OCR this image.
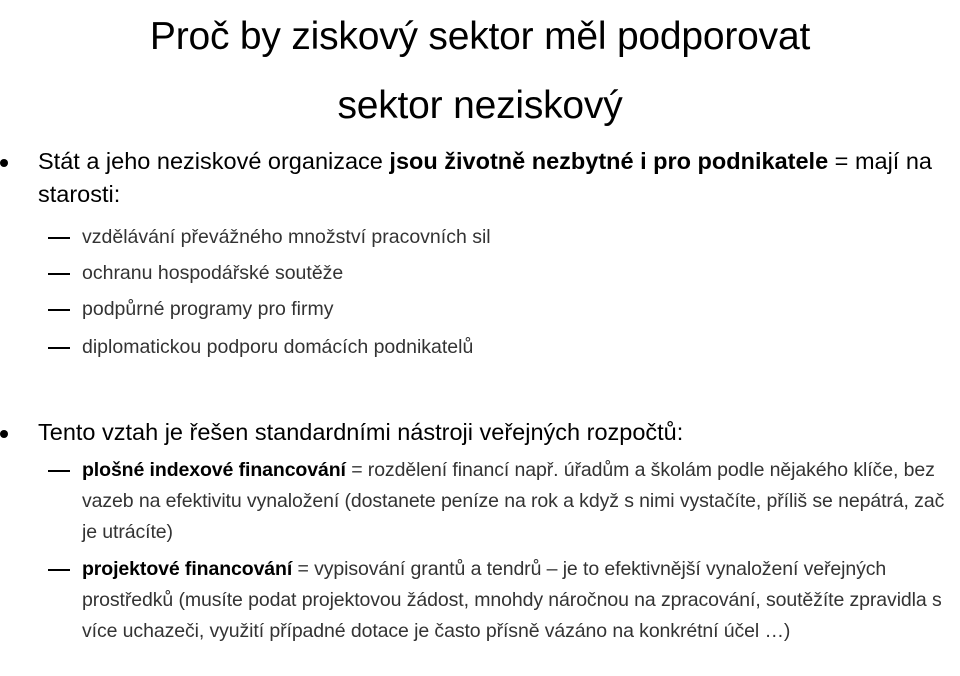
Proč by ziskový sektor měl podporovat
sektor neziskový
Stát a jeho neziskové organizace jsou životně nezbytné i pro podnikatele = mají na starosti:
vzdělávání převážného množství pracovních sil
ochranu hospodářské soutěže
podpůrné programy pro firmy
diplomatickou podporu domácích podnikatelů
Tento vztah je řešen standardními nástroji veřejných rozpočtů:
plošné indexové financování = rozdělení financí např. úřadům a školám podle nějakého klíče, bez vazeb na efektivitu vynaložení (dostanete peníze na rok a když s nimi vystačíte, příliš se nepátrá, zač je utrácíte)
projektové financování = vypisování grantů a tendrů – je to efektivnější vynaložení veřejných prostředků (musíte podat projektovou žádost, mnohdy náročnou na zpracování, soutěžíte zpravidla s více uchazeči, využití případné dotace je často přísně vázáno na konkrétní účel …)
